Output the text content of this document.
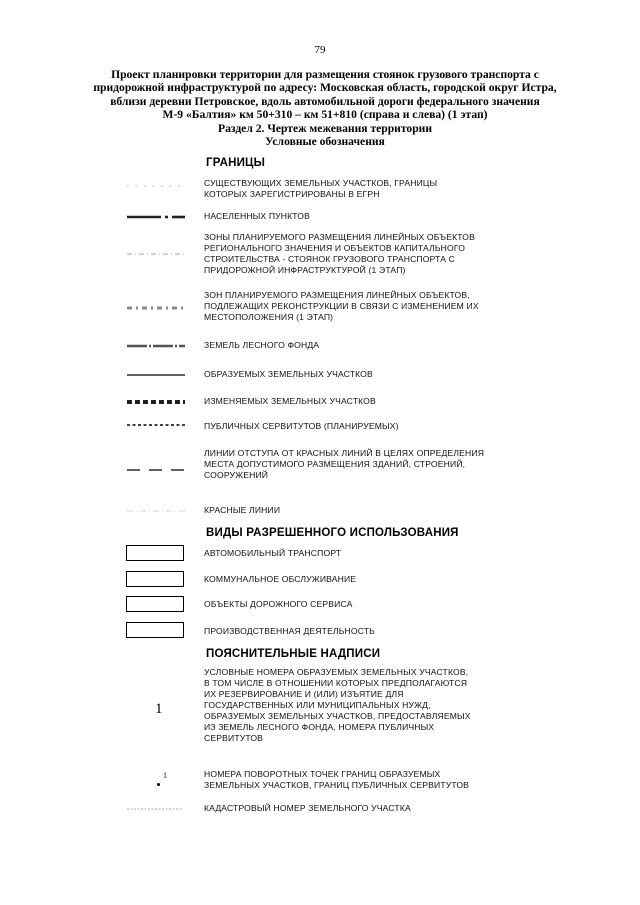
79
Проект планировки территории для размещения стоянок грузового транспорта с
придорожной инфраструктурой по адресу: Московская область, городской округ Истра,
вблизи деревни Петровское, вдоль автомобильной дороги федерального значения
М-9 «Балтия» км 50+310 – км 51+810 (справа и слева) (1 этап)
Раздел 2. Чертеж межевания территории
Условные обозначения
ГРАНИЦЫ
СУЩЕСТВУЮЩИХ ЗЕМЕЛЬНЫХ УЧАСТКОВ, ГРАНИЦЫ
КОТОРЫХ ЗАРЕГИСТРИРОВАНЫ В ЕГРН
НАСЕЛЕННЫХ ПУНКТОВ
ЗОНЫ ПЛАНИРУЕМОГО РАЗМЕЩЕНИЯ ЛИНЕЙНЫХ ОБЪЕКТОВ
РЕГИОНАЛЬНОГО ЗНАЧЕНИЯ И ОБЪЕКТОВ КАПИТАЛЬНОГО
СТРОИТЕЛЬСТВА - СТОЯНОК ГРУЗОВОГО ТРАНСПОРТА С
ПРИДОРОЖНОЙ ИНФРАСТРУКТУРОЙ (1 ЭТАП)
ЗОН ПЛАНИРУЕМОГО РАЗМЕЩЕНИЯ ЛИНЕЙНЫХ ОБЪЕКТОВ,
ПОДЛЕЖАЩИХ РЕКОНСТРУКЦИИ В СВЯЗИ С ИЗМЕНЕНИЕМ ИХ
МЕСТОПОЛОЖЕНИЯ (1 ЭТАП)
ЗЕМЕЛЬ ЛЕСНОГО ФОНДА
ОБРАЗУЕМЫХ ЗЕМЕЛЬНЫХ УЧАСТКОВ
ИЗМЕНЯЕМЫХ ЗЕМЕЛЬНЫХ УЧАСТКОВ
ПУБЛИЧНЫХ СЕРВИТУТОВ (ПЛАНИРУЕМЫХ)
ЛИНИИ ОТСТУПА ОТ КРАСНЫХ ЛИНИЙ В ЦЕЛЯХ ОПРЕДЕЛЕНИЯ
МЕСТА ДОПУСТИМОГО РАЗМЕЩЕНИЯ ЗДАНИЙ, СТРОЕНИЙ,
СООРУЖЕНИЙ
КРАСНЫЕ ЛИНИИ
ВИДЫ РАЗРЕШЕННОГО ИСПОЛЬЗОВАНИЯ
АВТОМОБИЛЬНЫЙ ТРАНСПОРТ
КОММУНАЛЬНОЕ ОБСЛУЖИВАНИЕ
ОБЪЕКТЫ ДОРОЖНОГО СЕРВИСА
ПРОИЗВОДСТВЕННАЯ ДЕЯТЕЛЬНОСТЬ
ПОЯСНИТЕЛЬНЫЕ НАДПИСИ
1
УСЛОВНЫЕ НОМЕРА ОБРАЗУЕМЫХ ЗЕМЕЛЬНЫХ УЧАСТКОВ,
В ТОМ ЧИСЛЕ В ОТНОШЕНИИ КОТОРЫХ ПРЕДПОЛАГАЮТСЯ
ИХ РЕЗЕРВИРОВАНИЕ И (ИЛИ) ИЗЪЯТИЕ ДЛЯ
ГОСУДАРСТВЕННЫХ ИЛИ МУНИЦИПАЛЬНЫХ НУЖД,
ОБРАЗУЕМЫХ ЗЕМЕЛЬНЫХ УЧАСТКОВ, ПРЕДОСТАВЛЯЕМЫХ
ИЗ ЗЕМЕЛЬ ЛЕСНОГО ФОНДА, НОМЕРА ПУБЛИЧНЫХ
СЕРВИТУТОВ
1	НОМЕРА ПОВОРОТНЫХ ТОЧЕК ГРАНИЦ ОБРАЗУЕМЫХ
ЗЕМЕЛЬНЫХ УЧАСТКОВ, ГРАНИЦ ПУБЛИЧНЫХ СЕРВИТУТОВ
КАДАСТРОВЫЙ НОМЕР ЗЕМЕЛЬНОГО УЧАСТКА
